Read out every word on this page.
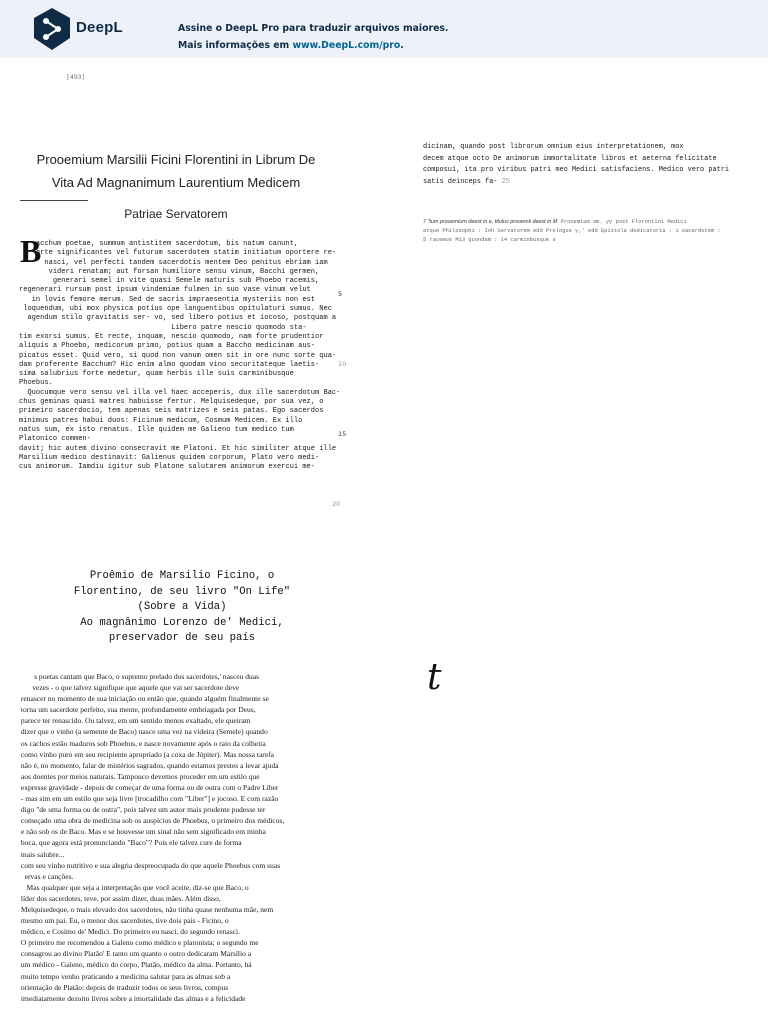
DeepL	Assine o DeepL Pro para traduzir arquivos maiores.
Mais informações em www.DeepL.com/pro.
[493]
Prooemium Marsilii Ficini Florentini in Librum De
Vita Ad Magnanimum Laurentium Medicem
Patriae Servatorem
B
acchum poetae, summum antistitem sacerdotum, bis natum canunt,
orte significantes vel futurum sacerdotem statim initiatum oportere re-
nasci, vel perfecti tandem sacerdotis mentem Deo penitus ebriam iam
videri renatam; aut forsan humiliore sensu vinum, Bacchi germen,
generari semel in vite quasi Semele maturis sub Phoebo racemis,
regenerari rursum post ipsum vindemiae fulmen in suo vase vinum velut
in lovis femore merum. Sed de sacris impraesentia mysteriis non est
loquendum, ubi mox physica potius ope languentibus opitulaturi sumus. Nec
agendum stilo gravitatis ser- vo, sed libero potius et iocoso, postquam a
Libero patre nescio quomodo sta-
tim exorsi sumus. Et recte, inquam, nescio quomodo, nam forte prudentior
aliquis a Phoebo, medicorum primo, potius quam a Baccho medicinam aus-
picatus esset. Quid vero, si quod non vanum omen sit in ore nunc sorte qua-
dam proferente Bacchum? Hic enim almo quodam vino securitateque laetis-
sima salubrius forte medetur, quam herbis ille suis carminibusque
Phoebus.
Quocumque vero sensu vel illa vel haec acceperis, dux ille sacerdotum Bac-
chus geminas quasi matres habuisse fertur. Melquisedeque, por sua vez, o
primeiro sacerdocio, tem apenas seis matrizes e seis patas. Ego sacerdos
minimus patres habui duos: Ficinum medicum, Cosmum Medicem. Ex illo
natus sum, ex isto renatus. Ille quidem me Galieno tum medico tum
Platonico commen-
davit; hic autem divino consecravit me Platoni. Et hic similiter atque ille
Marsilium medico destinavit: Galienus quidem corporum, Plato vero medi-
cus animorum. Iamdiu igitur sub Platone salutarem animorum exercui me-
5
10
15
20
dicinam, quando post librorum omnium eius interpretationem, mox
decem atque octo De animorum immortalitate libros et aeterna felicitate
composui, ita pro viribus patri meo Medici satisfaciens. Medico vero patri
satis deinceps fa- 25
7 "tum prooemium deest in e, titulus prooemii deest in M Prooemium om. yy post Florentini Medici
atque Philosophi : Ioh Servatorem edd Prologus y,' edd Epistola dedicatoria : 1 sacerdotem :
5 racemus M13 quondam : 14 carminbusque s
Proêmio de Marsilio Ficino, o
Florentino, de seu livro "On Life"
(Sobre a Vida)
Ao magnânimo Lorenzo de' Medici,
preservador de seu país
s poetas cantam que Baco, o supremo prelado dos sacerdotes,' nasceu duas
vezes - o que talvez signifique que aquele que vai ser sacerdote deve
renascer no momento de sua iniciação ou então que, quando alguém finalmente se
torna um sacerdote perfeito, sua mente, profundamente embriagada por Deus,
parece ter renascido. Ou talvez, em um sentido menos exaltado, ele queiram
dizer que o vinho (a semente de Baco) nasce uma vez na videira (Semele) quando
os cachos estão maduros sob Phoebus, e nasce novamente após o raio da colheita
como vinho puro em seu recipiente apropriado (a coxa de Júpiter). Mas nossa tarefa
não é, no momento, falar de mistérios sagrados, quando estamos prestes a levar ajuda
aos doentes por meios naturais. Tampouco devemos proceder em um estilo que
expresse gravidade - depois de começar de uma forma ou de outra com o Padre Liber
- mas sim em um estilo que seja livre [trocadilho com "Liber"] e jocoso. E com razão
digo "de uma forma ou de outra", pois talvez um autor mais prudente pudesse ter
começado uma obra de medicina sob os auspícios de Phoebus, o primeiro dos médicos,
e não sob os de Baco. Mas e se houvesse um sinal não sem significado em minha
boca, que agora está pronunciando "Baco"? Pois ele talvez cure de forma
mais salubre...
com seu vinho nutritivo e sua alegria despreocupada do que aquele Phoebus com suas
ervas e canções.
Mas qualquer que seja a interpretação que você aceite, diz-se que Baco, o
líder dos sacerdotes, teve, por assim dizer, duas mães. Além disso,
Melquisedeque, o mais elevado dos sacerdotes, não tinha quase nenhuma mãe, nem
mesmo um pai. Eu, o menor dos sacerdotes, tive dois pais - Ficino, o
médico, e Cosimo de' Medici. Do primeiro eu nasci, do segundo renasci.
O primeiro me recomendou a Galeno como médico e platonista; o segundo me
consagrou ao divino Platão' E tanto um quanto o outro dedicaram Marsílio a
um médico - Galeno, médico do corpo, Platão, médico da alma. Portanto, há
muito tempo venho praticando a medicina salutar para as almas sob a
orientação de Platão: depois de traduzir todos os seus livros, compus
imediatamente dezoito livros sobre a imortalidade das almas e a felicidade
t
